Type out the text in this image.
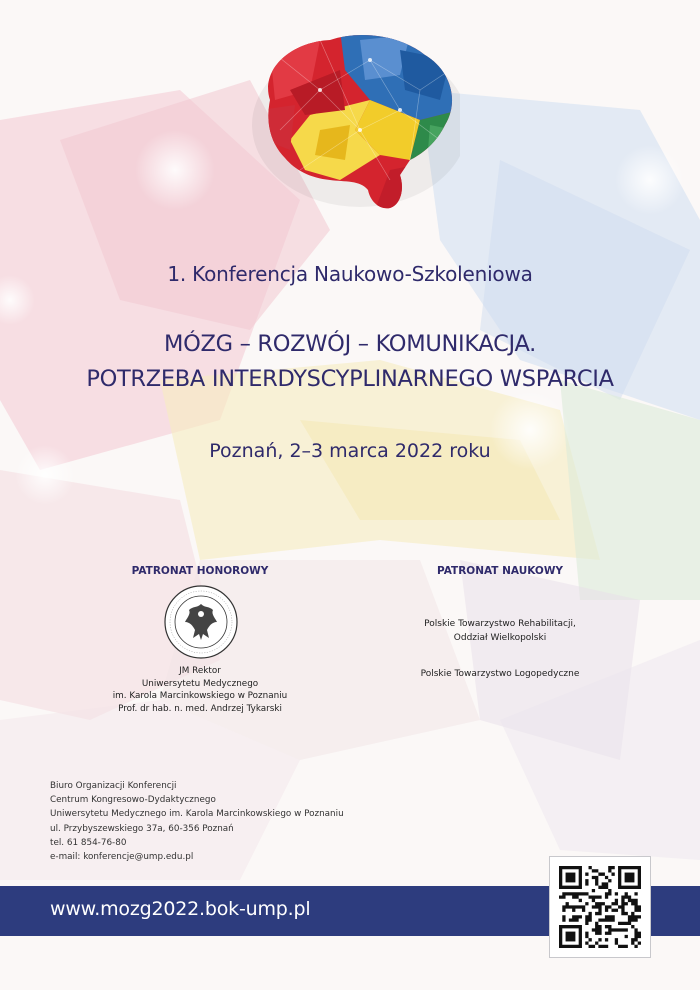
1. Konferencja Naukowo-Szkoleniowa
MÓZG – ROZWÓJ – KOMUNIKACJA.
POTRZEBA INTERDYSCYPLINARNEGO WSPARCIA
Poznań, 2–3 marca 2022 roku
PATRONAT HONOROWY	PATRONAT NAUKOWY
JM Rektor
Uniwersytetu Medycznego
im. Karola Marcinkowskiego w Poznaniu
Prof. dr hab. n. med. Andrzej Tykarski
Polskie Towarzystwo Rehabilitacji,
Oddział Wielkopolski
Polskie Towarzystwo Logopedyczne
Biuro Organizacji Konferencji
Centrum Kongresowo-Dydaktycznego
Uniwersytetu Medycznego im. Karola Marcinkowskiego w Poznaniu
ul. Przybyszewskiego 37a, 60-356 Poznań
tel. 61 854-76-80
e-mail: konferencje@ump.edu.pl
www.mozg2022.bok-ump.pl
